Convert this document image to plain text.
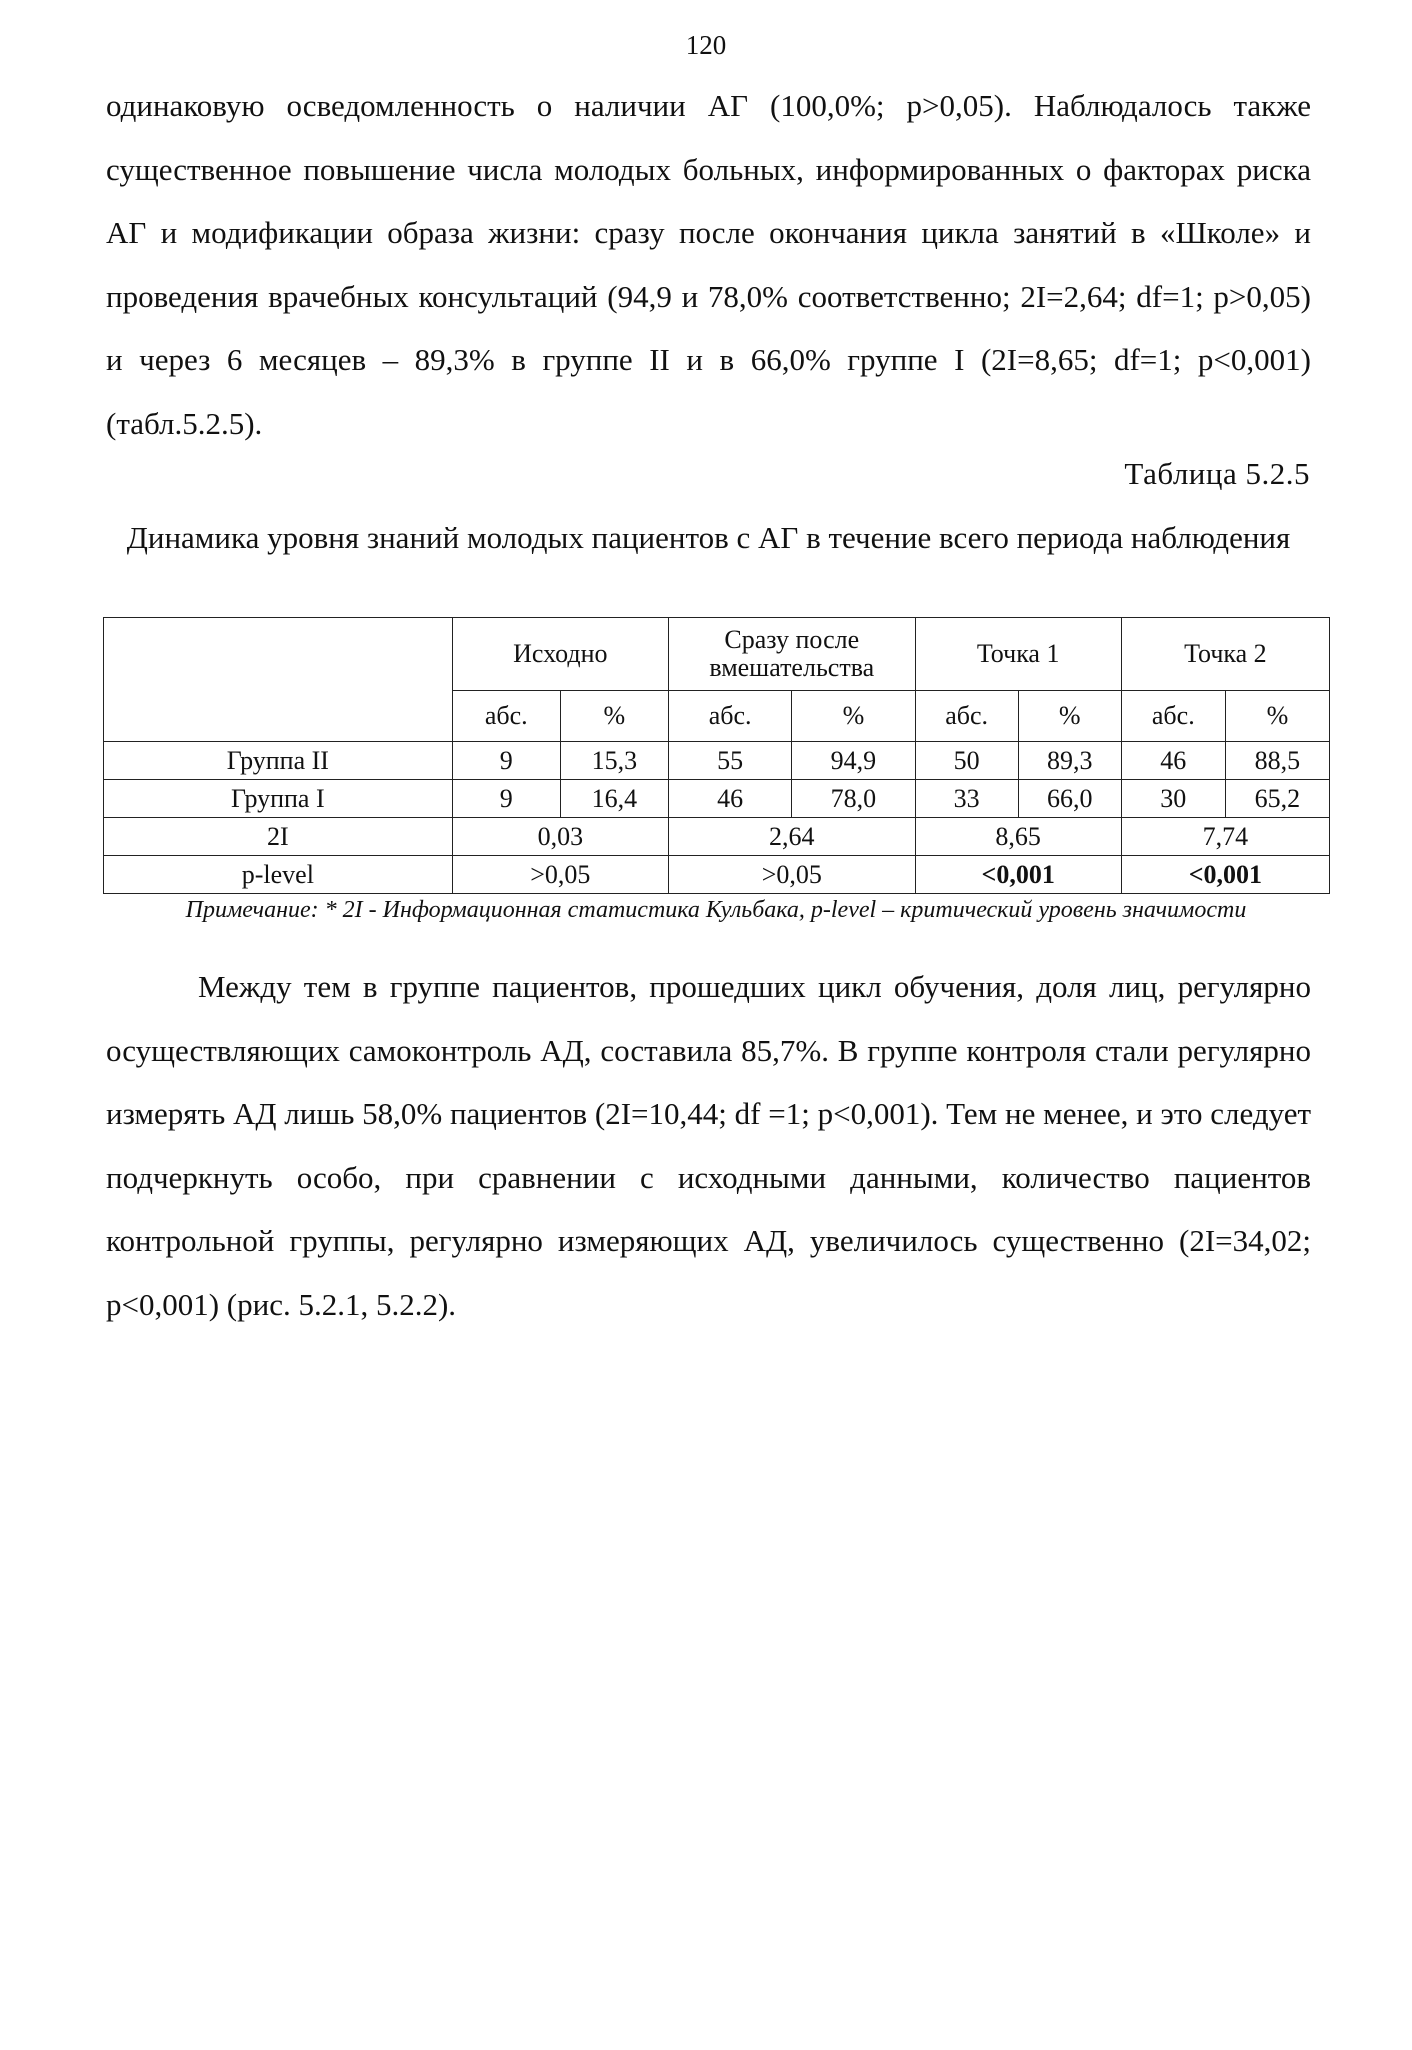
120

одинаковую осведомленность о наличии АГ (100,0%; p>0,05). Наблюдалось также существенное повышение числа молодых больных, информированных о факторах риска АГ и модификации образа жизни: сразу после окончания цикла занятий в «Школе» и проведения врачебных консультаций (94,9 и 78,0% соответственно; 2I=2,64; df=1; p>0,05) и через 6 месяцев – 89,3% в группе II и в 66,0% группе I (2I=8,65; df=1; p<0,001) (табл.5.2.5).

Таблица 5.2.5
Динамика уровня знаний молодых пациентов с АГ в течение всего периода наблюдения
	Исходно		Сразу после вмешательства		Точка 1		Точка 2	
	абс.	%	абс.	%	абс.	%	абс.	%
Группа II	9	15,3	55	94,9	50	89,3	46	88,5
Группа I	9	16,4	46	78,0	33	66,0	30	65,2
2I	0,03		2,64		8,65		7,74	
p-level	>0,05		>0,05		<0,001		<0,001	
Примечание: * 2I - Информационная статистика Кульбака, p-level – критический уровень значимости

Между тем в группе пациентов, прошедших цикл обучения, доля лиц, регулярно осуществляющих самоконтроль АД, составила 85,7%. В группе контроля стали регулярно измерять АД лишь 58,0% пациентов (2I=10,44; df =1; p<0,001). Тем не менее, и это следует подчеркнуть особо, при сравнении с исходными данными, количество пациентов контрольной группы, регулярно измеряющих АД, увеличилось существенно (2I=34,02; p<0,001) (рис. 5.2.1, 5.2.2).
